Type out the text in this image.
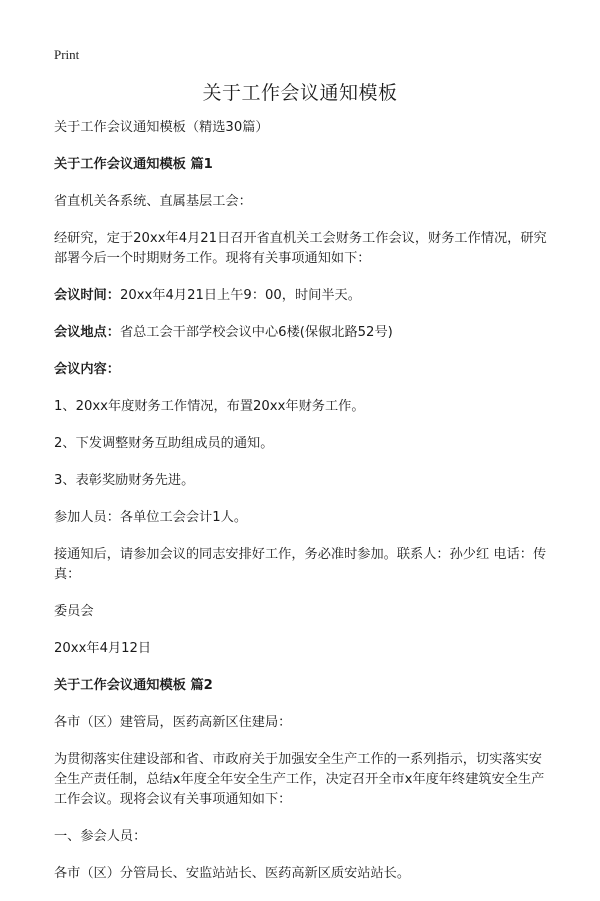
Print
关于工作会议通知模板

关于工作会议通知模板（精选30篇）

关于工作会议通知模板 篇1

省直机关各系统、直属基层工会：

经研究，定于20xx年4月21日召开省直机关工会财务工作会议，财务工作情况，研究部署今后一个时期财务工作。现将有关事项通知如下：

会议时间：20xx年4月21日上午9：00，时间半天。

会议地点：省总工会干部学校会议中心6楼(保俶北路52号)

会议内容：

1、20xx年度财务工作情况，布置20xx年财务工作。

2、下发调整财务互助组成员的通知。

3、表彰奖励财务先进。

参加人员：各单位工会会计1人。

接通知后，请参加会议的同志安排好工作，务必准时参加。联系人：孙少红 电话：传真：

委员会

20xx年4月12日

关于工作会议通知模板 篇2

各市（区）建管局，医药高新区住建局：

为贯彻落实住建设部和省、市政府关于加强安全生产工作的一系列指示，切实落实安全生产责任制，总结x年度全年安全生产工作，决定召开全市x年度年终建筑安全生产工作会议。现将会议有关事项通知如下：

一、参会人员：

各市（区）分管局长、安监站站长、医药高新区质安站站长。
